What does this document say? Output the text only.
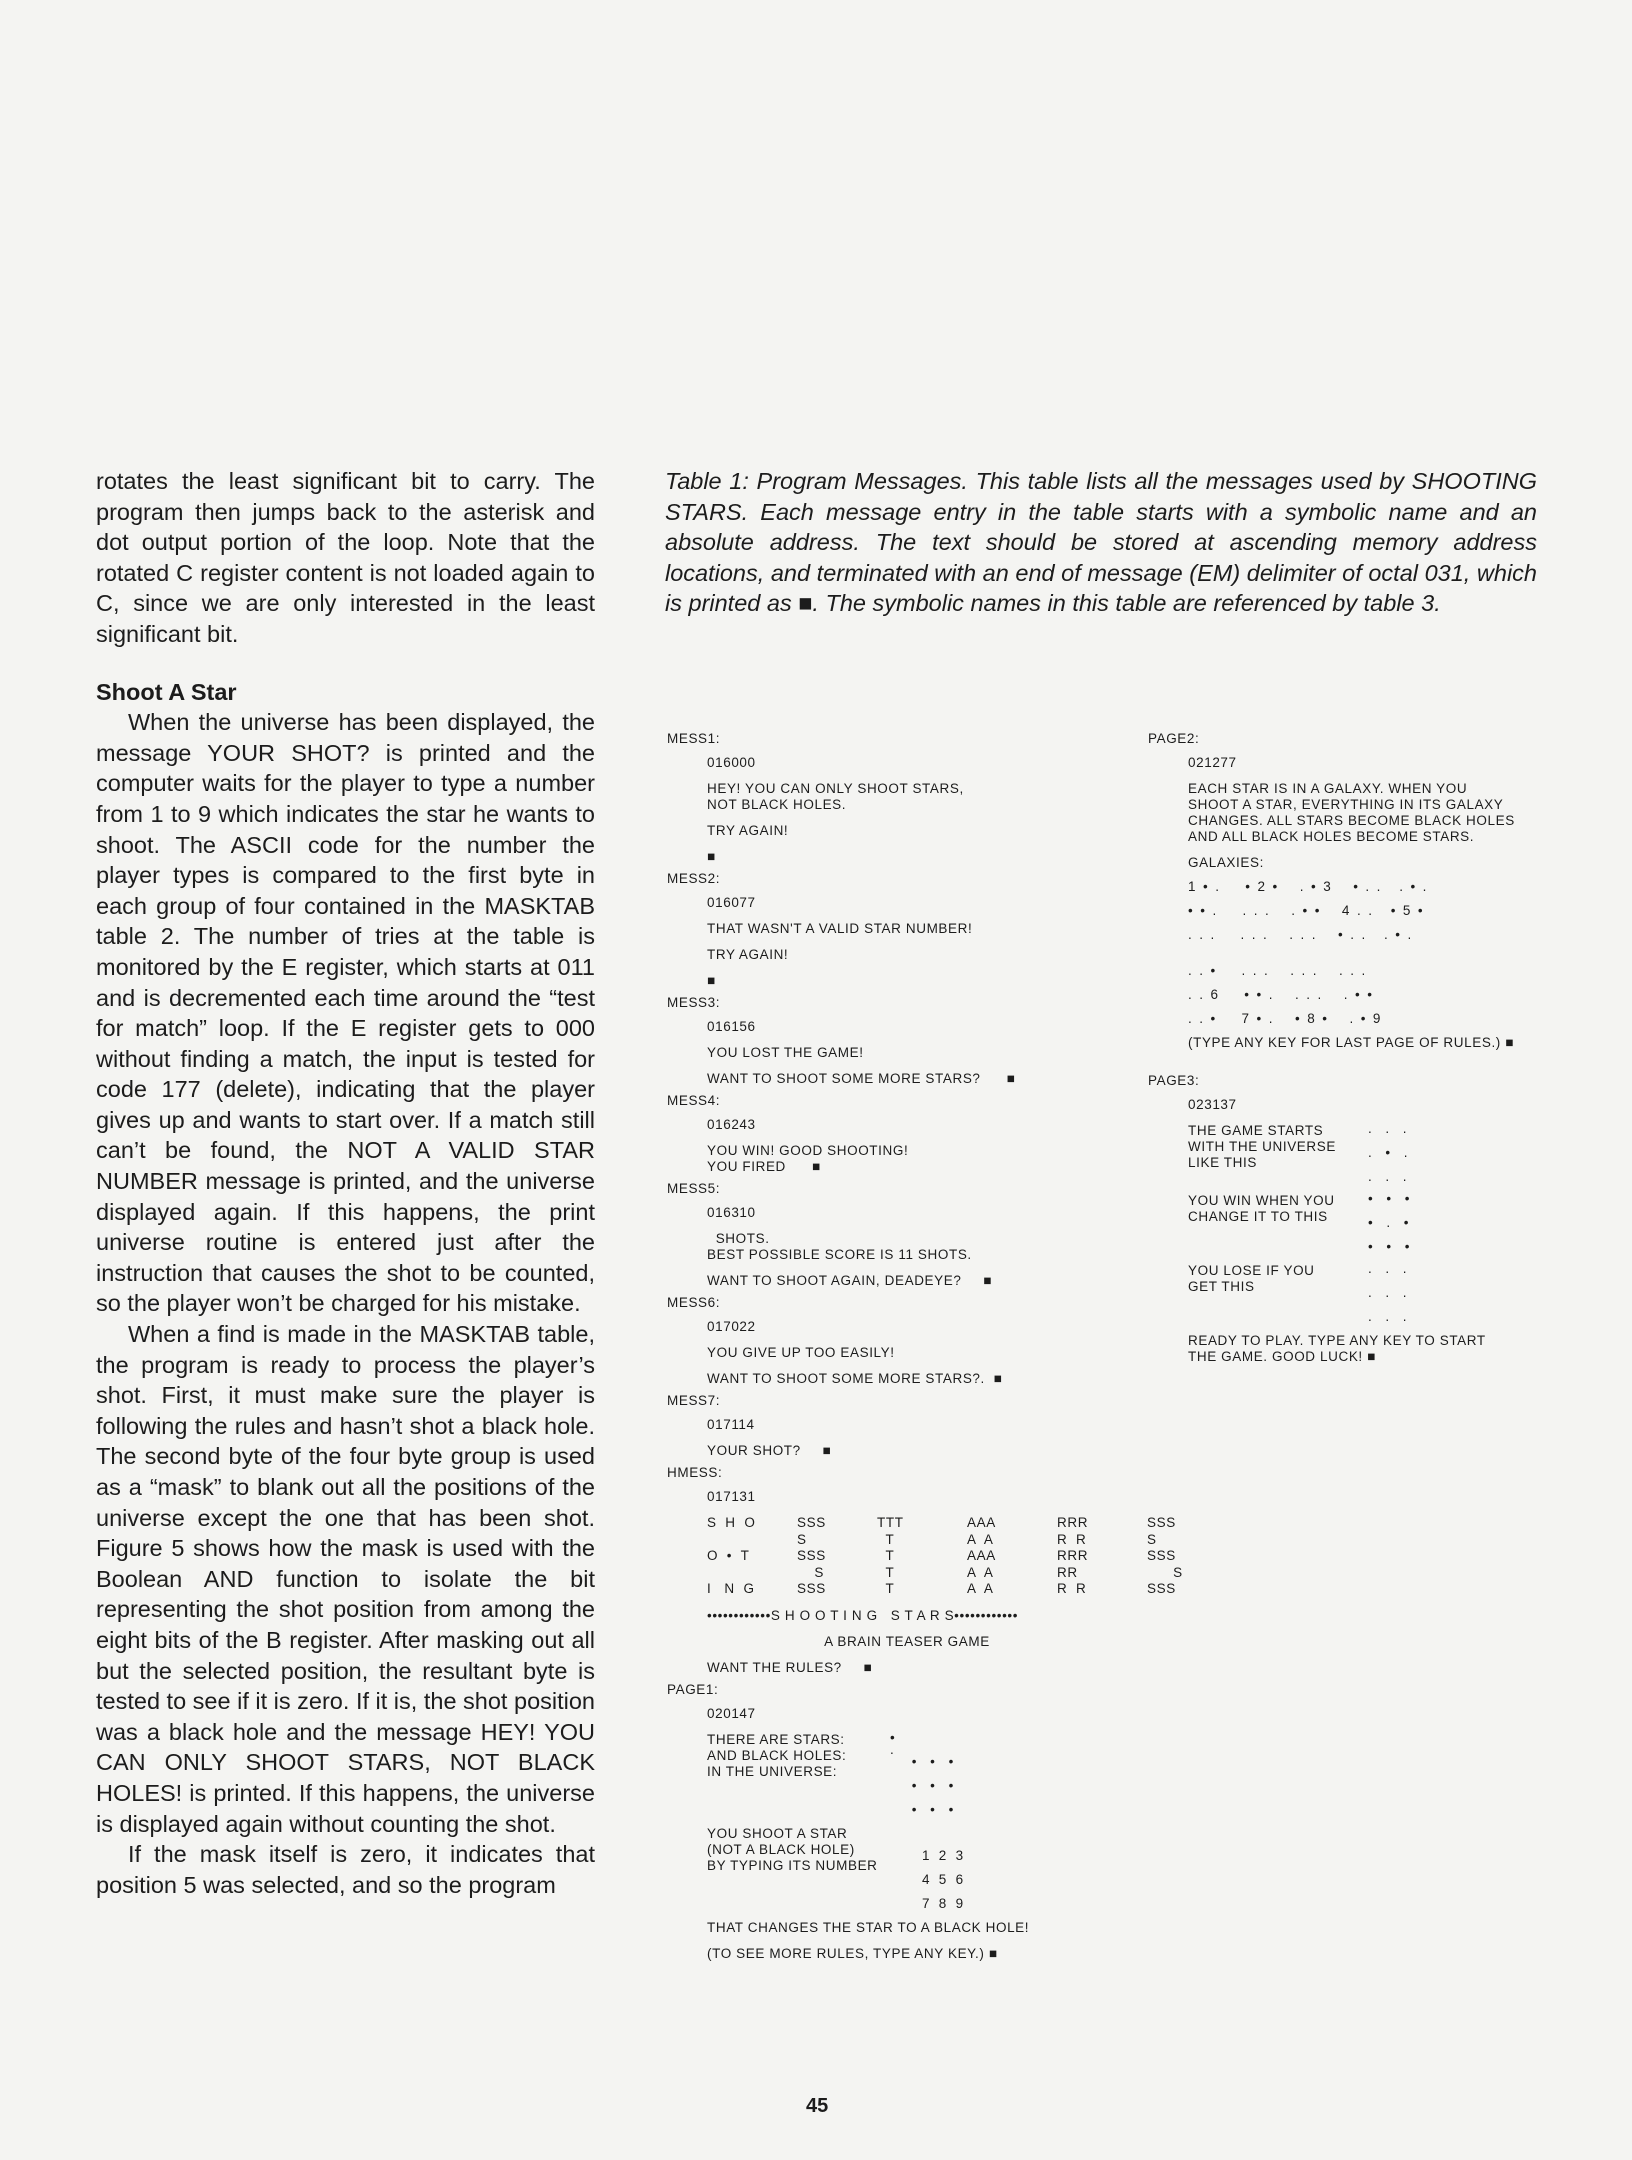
rotates the least significant bit to carry. The program then jumps back to the asterisk and dot output portion of the loop. Note that the rotated C register content is not loaded again to C, since we are only interested in the least significant bit.

Shoot A Star

When the universe has been displayed, the message YOUR SHOT? is printed and the computer waits for the player to type a number from 1 to 9 which indicates the star he wants to shoot. The ASCII code for the number the player types is compared to the first byte in each group of four contained in the MASKTAB table 2. The number of tries at the table is monitored by the E register, which starts at 011 and is decremented each time around the “test for match” loop. If the E register gets to 000 without finding a match, the input is tested for code 177 (delete), indicating that the player gives up and wants to start over. If a match still can’t be found, the NOT A VALID STAR NUMBER message is printed, and the universe displayed again. If this happens, the print universe routine is entered just after the instruction that causes the shot to be counted, so the player won’t be charged for his mistake.

When a find is made in the MASKTAB table, the program is ready to process the player’s shot. First, it must make sure the player is following the rules and hasn’t shot a black hole. The second byte of the four byte group is used as a “mask” to blank out all the positions of the universe except the one that has been shot. Figure 5 shows how the mask is used with the Boolean AND function to isolate the bit representing the shot position from among the eight bits of the B register. After masking out all but the selected position, the resultant byte is tested to see if it is zero. If it is, the shot position was a black hole and the message HEY! YOU CAN ONLY SHOOT STARS, NOT BLACK HOLES! is printed. If this happens, the universe is displayed again without counting the shot.

If the mask itself is zero, it indicates that position 5 was selected, and so the program

Table 1: Program Messages. This table lists all the messages used by SHOOTING STARS. Each message entry in the table starts with a symbolic name and an absolute address. The text should be stored at ascending memory address locations, and terminated with an end of message (EM) delimiter of octal 031, which is printed as ■. The symbolic names in this table are referenced by table 3.

MESS1:
016000
HEY! YOU CAN ONLY SHOOT STARS,
NOT BLACK HOLES.
TRY AGAIN!
■
MESS2:
016077
THAT WASN'T A VALID STAR NUMBER!
TRY AGAIN!
■
MESS3:
016156
YOU LOST THE GAME!
WANT TO SHOOT SOME MORE STARS?      ■
MESS4:
016243
YOU WIN! GOOD SHOOTING!
YOU FIRED      ■
MESS5:
016310
SHOTS.
BEST POSSIBLE SCORE IS 11 SHOTS.
WANT TO SHOOT AGAIN, DEADEYE?     ■
MESS6:
017022
YOU GIVE UP TOO EASILY!
WANT TO SHOOT SOME MORE STARS?.  ■
MESS7:
017114
YOUR SHOT?     ■
HMESS:
017131
S  H  O	SSS	TTT	AAA	RRR	SSS
S	T	A  A	R  R	S
O  •  T	SSS	T	AAA	RRR	SSS
S	T	A  A	RR	S
I   N  G	SSS	T	A  A	R  R	SSS
••••••••••••S H O O T I N G   S T A R S••••••••••••
A BRAIN TEASER GAME
WANT THE RULES?     ■
PAGE1:
020147
THERE ARE STARS:
AND BLACK HOLES:
IN THE UNIVERSE:
•
.
•   •   •

•   •   •

•   •   •
YOU SHOOT A STAR
(NOT A BLACK HOLE)
BY TYPING ITS NUMBER

1  2  3

4  5  6

7  8  9
THAT CHANGES THE STAR TO A BLACK HOLE!
(TO SEE MORE RULES, TYPE ANY KEY.) ■
PAGE2:
021277
EACH STAR IS IN A GALAXY. WHEN YOU
SHOOT A STAR, EVERYTHING IN ITS GALAXY
CHANGES. ALL STARS BECOME BLACK HOLES
AND ALL BLACK HOLES BECOME STARS.
GALAXIES:
1  •  .       •  2  •      .  •  3      •  .  .     .  •  .

•  •  .       .  .  .      .  •  •      4  .  .     •  5  •

.  .  .       .  .  .      .  .  .      •  .  .     .  •  .

.  .  •       .  .  .      .  .  .      .  .  .

.  .  6       •  •  .      .  .  .      .  •  •

.  .  •       7  •  .      •  8  •      .  •  9
(TYPE ANY KEY FOR LAST PAGE OF RULES.) ■
PAGE3:
023137
THE GAME STARTS
WITH THE UNIVERSE
LIKE THIS
.   .   .

.   •   .

.   .   .
YOU WIN WHEN YOU
CHANGE IT TO THIS
•   •   •

•   .   •

•   •   •
YOU LOSE IF YOU
GET THIS
.   .   .

.   .   .

.   .   .
READY TO PLAY. TYPE ANY KEY TO START
THE GAME. GOOD LUCK! ■
45
